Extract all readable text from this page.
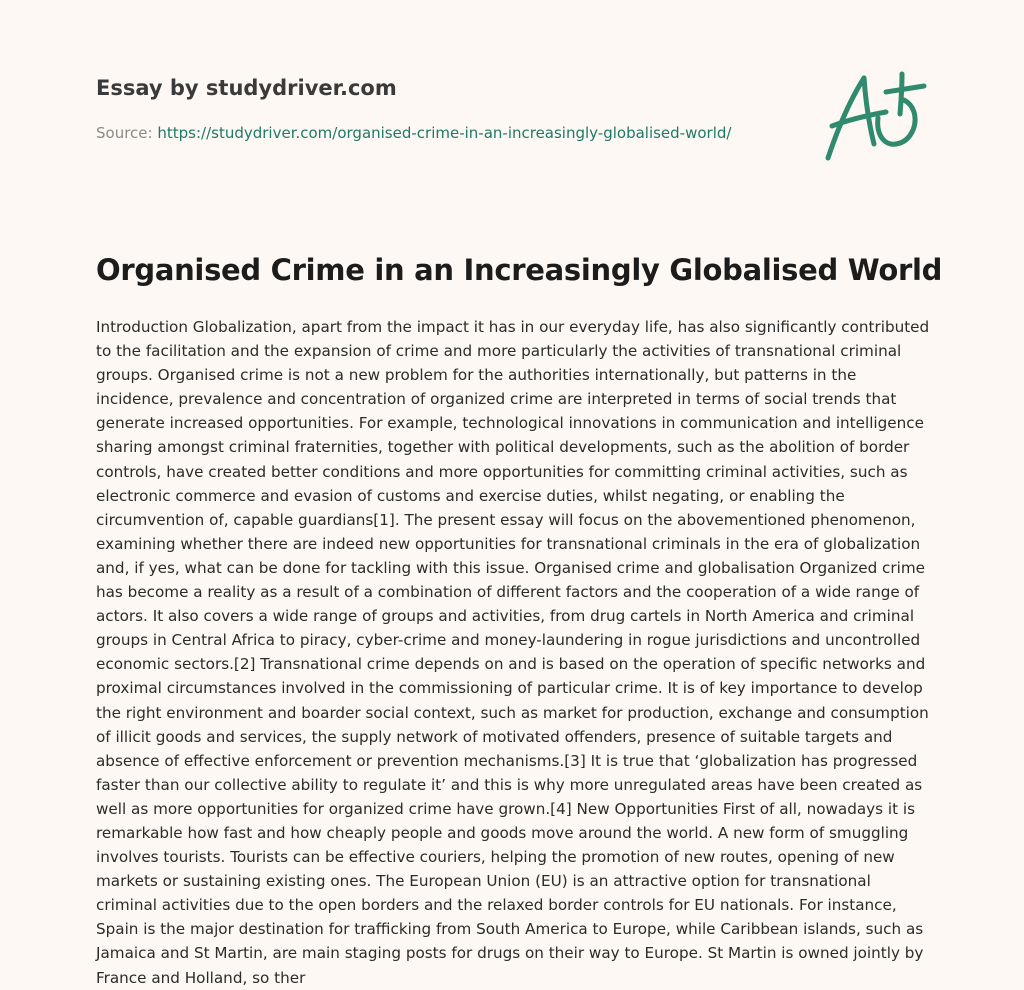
Essay by studydriver.com
Source: https://studydriver.com/organised-crime-in-an-increasingly-globalised-world/
Organised Crime in an Increasingly Globalised World

Introduction Globalization, apart from the impact it has in our everyday life, has also significantly contributed to the facilitation and the expansion of crime and more particularly the activities of transnational criminal groups. Organised crime is not a new problem for the authorities internationally, but patterns in the incidence, prevalence and concentration of organized crime are interpreted in terms of social trends that generate increased opportunities. For example, technological innovations in communication and intelligence sharing amongst criminal fraternities, together with political developments, such as the abolition of border controls, have created better conditions and more opportunities for committing criminal activities, such as electronic commerce and evasion of customs and exercise duties, whilst negating, or enabling the circumvention of, capable guardians[1]. The present essay will focus on the abovementioned phenomenon, examining whether there are indeed new opportunities for transnational criminals in the era of globalization and, if yes, what can be done for tackling with this issue. Organised crime and globalisation Organized crime has become a reality as a result of a combination of different factors and the cooperation of a wide range of actors. It also covers a wide range of groups and activities, from drug cartels in North America and criminal groups in Central Africa to piracy, cyber-crime and money-laundering in rogue jurisdictions and uncontrolled economic sectors.[2] Transnational crime depends on and is based on the operation of specific networks and proximal circumstances involved in the commissioning of particular crime. It is of key importance to develop the right environment and boarder social context, such as market for production, exchange and consumption of illicit goods and services, the supply network of motivated offenders, presence of suitable targets and absence of effective enforcement or prevention mechanisms.[3] It is true that ‘globalization has progressed faster than our collective ability to regulate it’ and this is why more unregulated areas have been created as well as more opportunities for organized crime have grown.[4] New Opportunities First of all, nowadays it is remarkable how fast and how cheaply people and goods move around the world. A new form of smuggling involves tourists. Tourists can be effective couriers, helping the promotion of new routes, opening of new markets or sustaining existing ones. The European Union (EU) is an attractive option for transnational criminal activities due to the open borders and the relaxed border controls for EU nationals. For instance, Spain is the major destination for trafficking from South America to Europe, while Caribbean islands, such as Jamaica and St Martin, are main staging posts for drugs on their way to Europe. St Martin is owned jointly by France and Holland, so ther
